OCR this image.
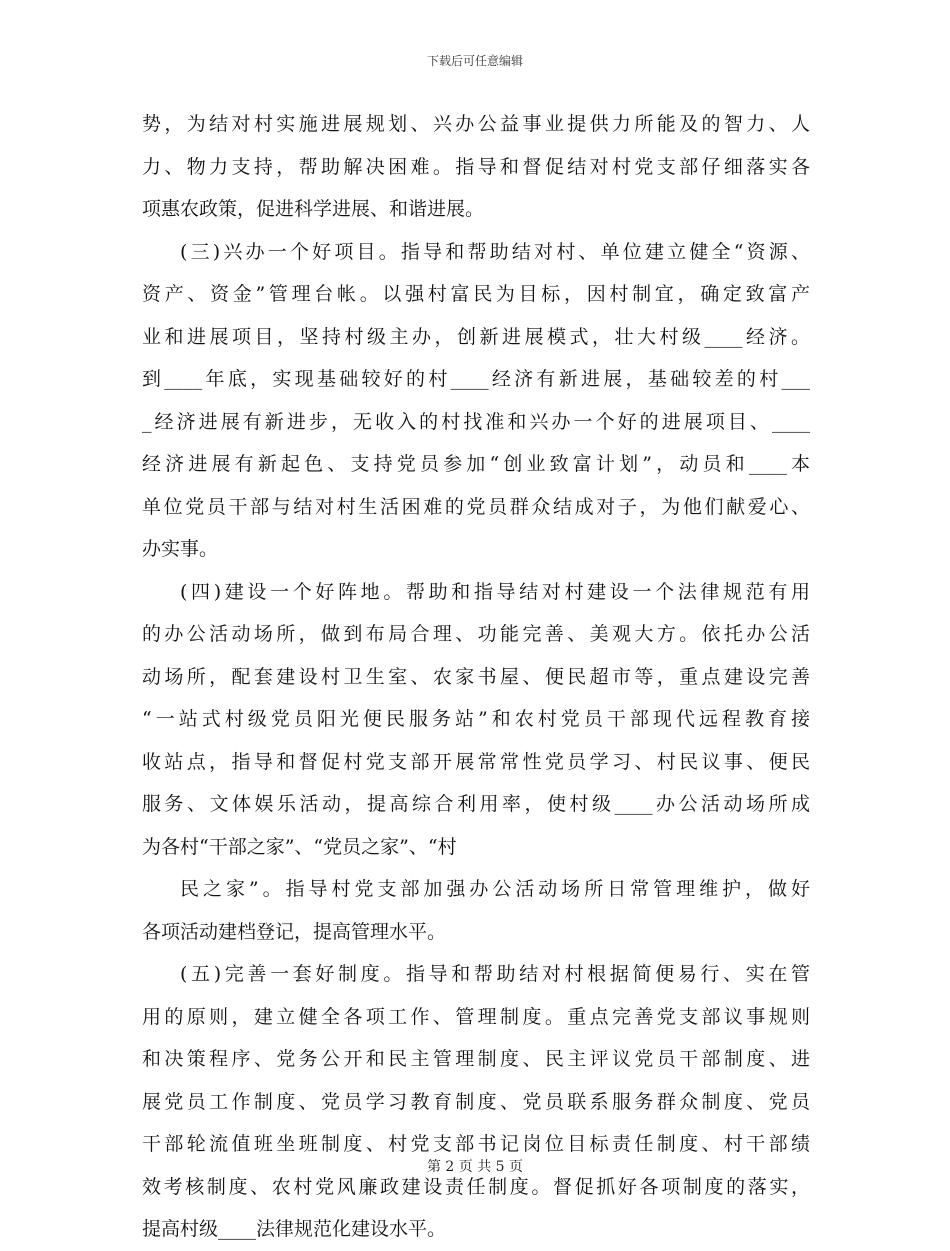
下载后可任意编辑
势，为结对村实施进展规划、兴办公益事业提供力所能及的智力、人
力、物力支持，帮助解决困难。指导和督促结对村党支部仔细落实各
项惠农政策，促进科学进展、和谐进展。
(三)兴办一个好项目。指导和帮助结对村、单位建立健全“资源、
资产、资金”管理台帐。以强村富民为目标，因村制宜，确定致富产
业和进展项目，坚持村级主办，创新进展模式，壮大村级____经济。
到____年底，实现基础较好的村____经济有新进展，基础较差的村___
_经济进展有新进步，无收入的村找准和兴办一个好的进展项目、____
经济进展有新起色、支持党员参加“创业致富计划”，动员和____本
单位党员干部与结对村生活困难的党员群众结成对子，为他们献爱心、
办实事。
(四)建设一个好阵地。帮助和指导结对村建设一个法律规范有用
的办公活动场所，做到布局合理、功能完善、美观大方。依托办公活
动场所，配套建设村卫生室、农家书屋、便民超市等，重点建设完善
“一站式村级党员阳光便民服务站”和农村党员干部现代远程教育接
收站点，指导和督促村党支部开展常常性党员学习、村民议事、便民
服务、文体娱乐活动，提高综合利用率，使村级____办公活动场所成
为各村“干部之家”、“党员之家”、“村
民之家”。指导村党支部加强办公活动场所日常管理维护，做好
各项活动建档登记，提高管理水平。
(五)完善一套好制度。指导和帮助结对村根据简便易行、实在管
用的原则，建立健全各项工作、管理制度。重点完善党支部议事规则
和决策程序、党务公开和民主管理制度、民主评议党员干部制度、进
展党员工作制度、党员学习教育制度、党员联系服务群众制度、党员
干部轮流值班坐班制度、村党支部书记岗位目标责任制度、村干部绩
效考核制度、农村党风廉政建设责任制度。督促抓好各项制度的落实，
提高村级____法律规范化建设水平。
第 2 页 共 5 页
